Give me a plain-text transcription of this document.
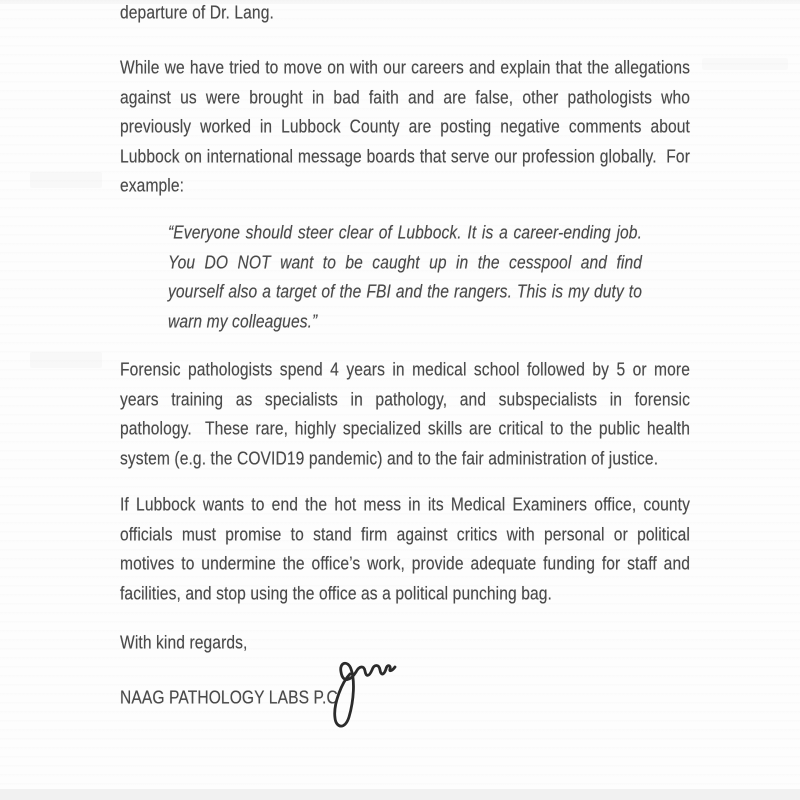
departure of Dr. Lang.

While we have tried to move on with our careers and explain that the allegations
against us were brought in bad faith and are false, other pathologists who
previously worked in Lubbock County are posting negative comments about
Lubbock on international message boards that serve our profession globally.  For
example:
“Everyone should steer clear of Lubbock. It is a career-ending job.
You DO NOT want to be caught up in the cesspool and find
yourself also a target of the FBI and the rangers. This is my duty to
warn my colleagues.”
Forensic pathologists spend 4 years in medical school followed by 5 or more
years training as specialists in pathology, and subspecialists in forensic
pathology.  These rare, highly specialized skills are critical to the public health
system (e.g. the COVID19 pandemic) and to the fair administration of justice.
If Lubbock wants to end the hot mess in its Medical Examiners office, county
officials must promise to stand firm against critics with personal or political
motives to undermine the office’s work, provide adequate funding for staff and
facilities, and stop using the office as a political punching bag.

With kind regards,

NAAG PATHOLOGY LABS P.C
